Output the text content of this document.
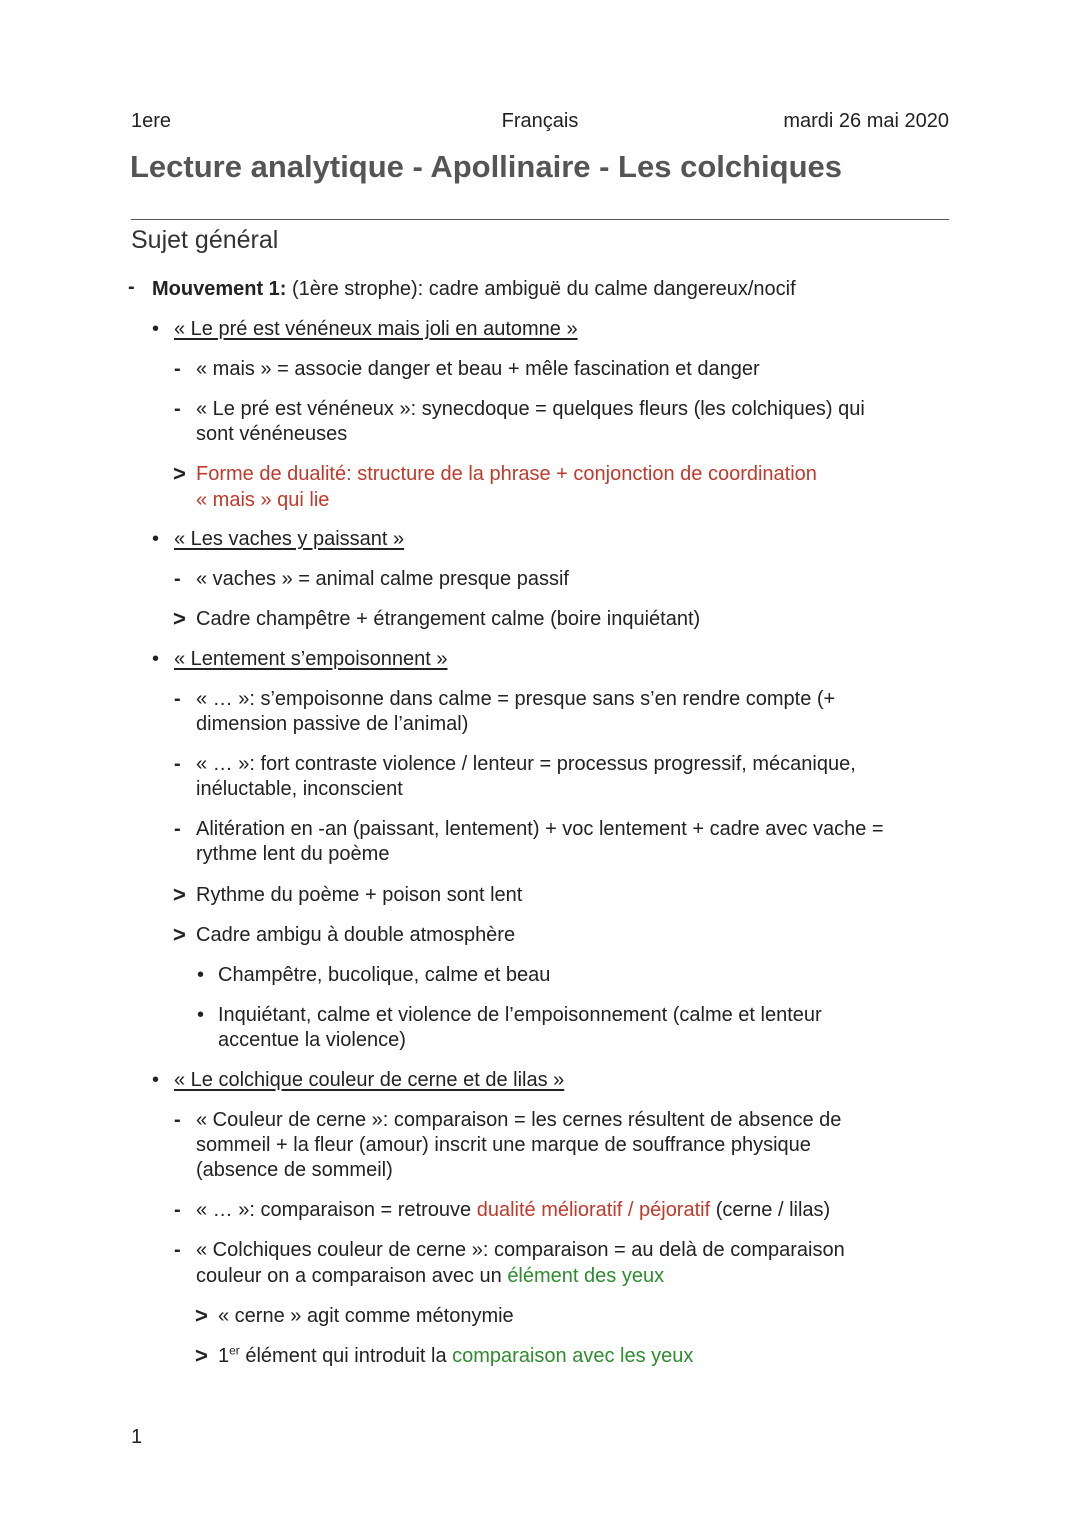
1ere	Français	mardi 26 mai 2020
Lecture analytique - Apollinaire - Les colchiques
Sujet général
- Mouvement 1: (1ère strophe): cadre ambiguë du calme dangereux/nocif
• « Le pré est vénéneux mais joli en automne »
- « mais » = associe danger et beau + mêle fascination et danger
- « Le pré est vénéneux »: synecdoque = quelques fleurs (les colchiques) qui
sont vénéneuses
> Forme de dualité: structure de la phrase + conjonction de coordination
« mais » qui lie
• « Les vaches y paissant »
- « vaches » = animal calme presque passif
> Cadre champêtre + étrangement calme (boire inquiétant)
• « Lentement s’empoisonnent »
- « … »: s’empoisonne dans calme = presque sans s’en rendre compte (+
dimension passive de l’animal)
- « … »: fort contraste violence / lenteur = processus progressif, mécanique,
inéluctable, inconscient
- Alitération en -an (paissant, lentement) + voc lentement + cadre avec vache =
rythme lent du poème
> Rythme du poème + poison sont lent
> Cadre ambigu à double atmosphère
• Champêtre, bucolique, calme et beau
• Inquiétant, calme et violence de l’empoisonnement (calme et lenteur
accentue la violence)
• « Le colchique couleur de cerne et de lilas »
- « Couleur de cerne »: comparaison = les cernes résultent de absence de
sommeil + la fleur (amour) inscrit une marque de souffrance physique
(absence de sommeil)
- « … »: comparaison = retrouve dualité mélioratif / péjoratif (cerne / lilas)
- « Colchiques couleur de cerne »: comparaison = au delà de comparaison
couleur on a comparaison avec un élément des yeux
> « cerne » agit comme métonymie
> 1er élément qui introduit la comparaison avec les yeux
1
